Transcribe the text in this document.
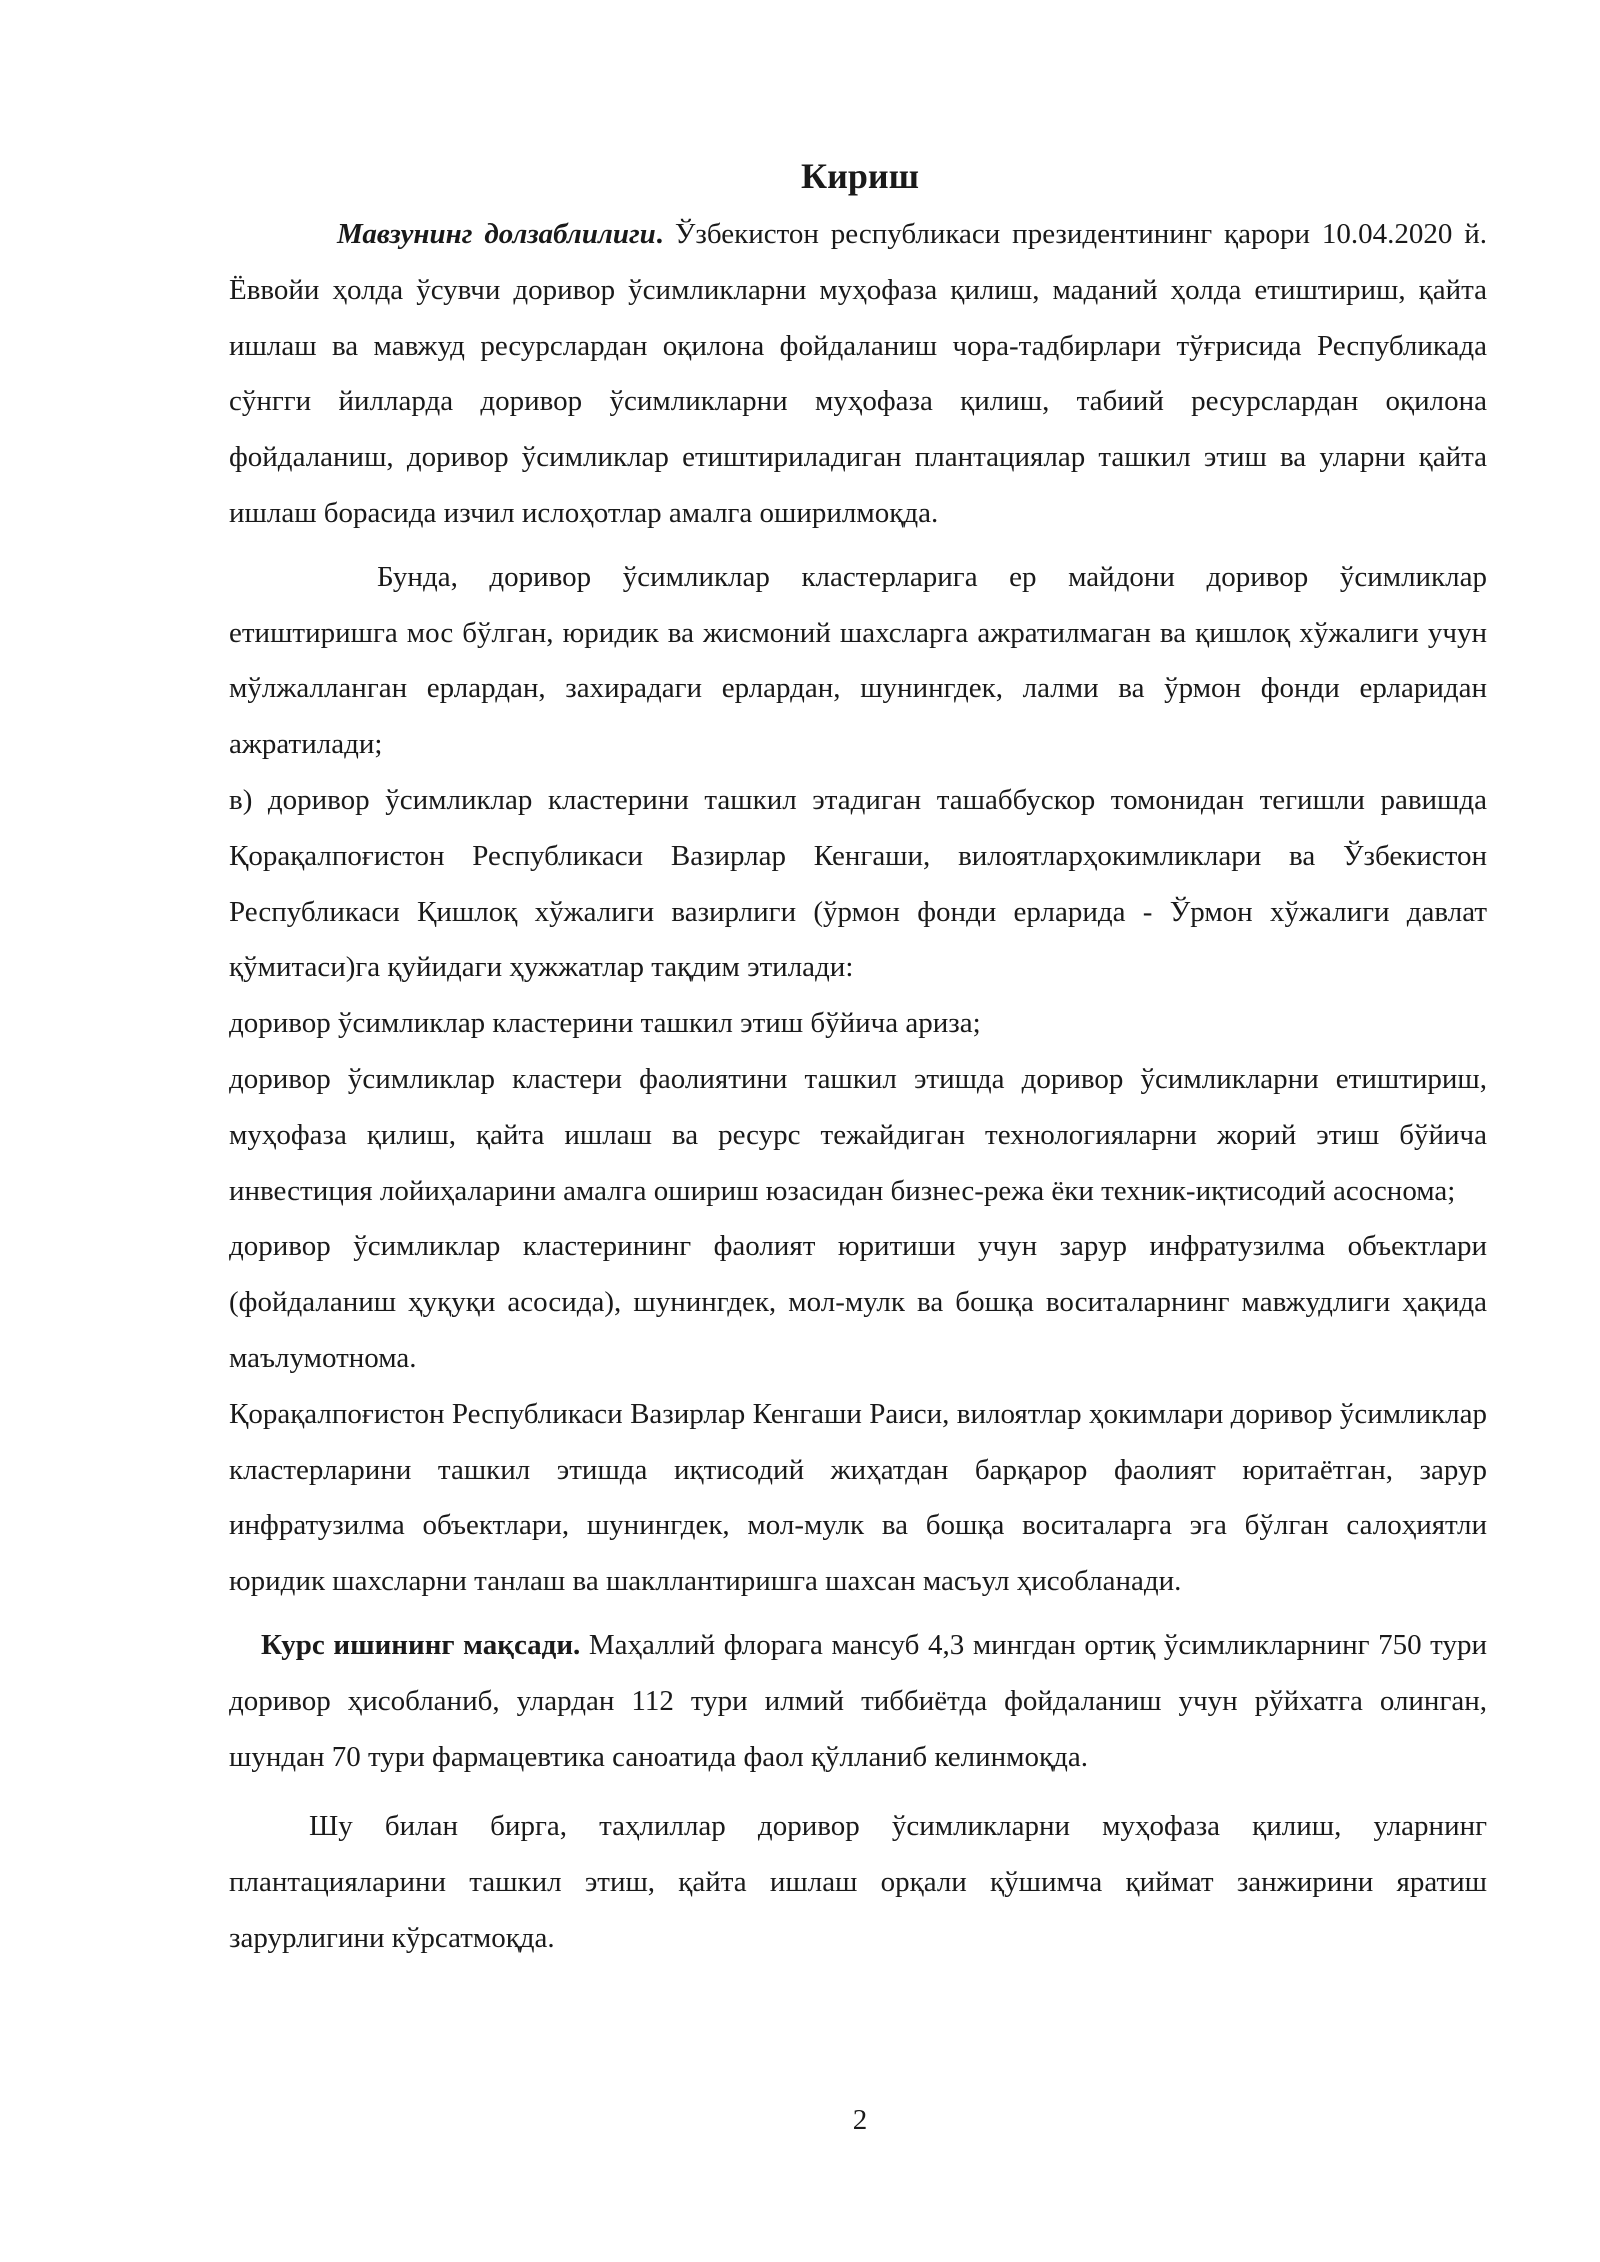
Кириш

Мавзунинг долзаблилиги. Ўзбекистон республикаси президентининг қарори 10.04.2020 й. Ёввойи ҳолда ўсувчи доривор ўсимликларни муҳофаза қилиш, маданий ҳолда етиштириш, қайта ишлаш ва мавжуд ресурслардан оқилона фойдаланиш чора-тадбирлари тўғрисида Республикада сўнгги йилларда доривор ўсимликларни муҳофаза қилиш, табиий ресурслардан оқилона фойдаланиш, доривор ўсимликлар етиштириладиган плантациялар ташкил этиш ва уларни қайта ишлаш борасида изчил ислоҳотлар амалга оширилмоқда.

Бунда, доривор ўсимликлар кластерларига ер майдони доривор ўсимликлар етиштиришга мос бўлган, юридик ва жисмоний шахсларга ажратилмаган ва қишлоқ хўжалиги учун мўлжалланган ерлардан, захирадаги ерлардан, шунингдек, лалми ва ўрмон фонди ерларидан ажратилади;

в) доривор ўсимликлар кластерини ташкил этадиган ташаббускор томонидан тегишли равишда Қорақалпоғистон Республикаси Вазирлар Кенгаши, вилоятларҳокимликлари ва Ўзбекистон Республикаси Қишлоқ хўжалиги вазирлиги (ўрмон фонди ерларида - Ўрмон хўжалиги давлат қўмитаси)га қуйидаги ҳужжатлар тақдим этилади:

доривор ўсимликлар кластерини ташкил этиш бўйича ариза;

доривор ўсимликлар кластери фаолиятини ташкил этишда доривор ўсимликларни етиштириш, муҳофаза қилиш, қайта ишлаш ва ресурс тежайдиган технологияларни жорий этиш бўйича инвестиция лойиҳаларини амалга ошириш юзасидан бизнес-режа ёки техник-иқтисодий асоснома;

доривор ўсимликлар кластерининг фаолият юритиши учун зарур инфратузилма объектлари (фойдаланиш ҳуқуқи асосида), шунингдек, мол-мулк ва бошқа воситаларнинг мавжудлиги ҳақида маълумотнома.

Қорақалпоғистон Республикаси Вазирлар Кенгаши Раиси, вилоятлар ҳокимлари доривор ўсимликлар кластерларини ташкил этишда иқтисодий жиҳатдан барқарор фаолият юритаётган, зарур инфратузилма объектлари, шунингдек, мол-мулк ва бошқа воситаларга эга бўлган салоҳиятли юридик шахсларни танлаш ва шакллантиришга шахсан масъул ҳисобланади.

Курс ишининг мақсади. Маҳаллий флорага мансуб 4,3 мингдан ортиқ ўсимликларнинг 750 тури доривор ҳисобланиб, улардан 112 тури илмий тиббиётда фойдаланиш учун рўйхатга олинган, шундан 70 тури фармацевтика саноатида фаол қўлланиб келинмоқда.

Шу билан бирга, таҳлиллар доривор ўсимликларни муҳофаза қилиш, уларнинг плантацияларини ташкил этиш, қайта ишлаш орқали қўшимча қиймат занжирини яратиш зарурлигини кўрсатмоқда.

2
